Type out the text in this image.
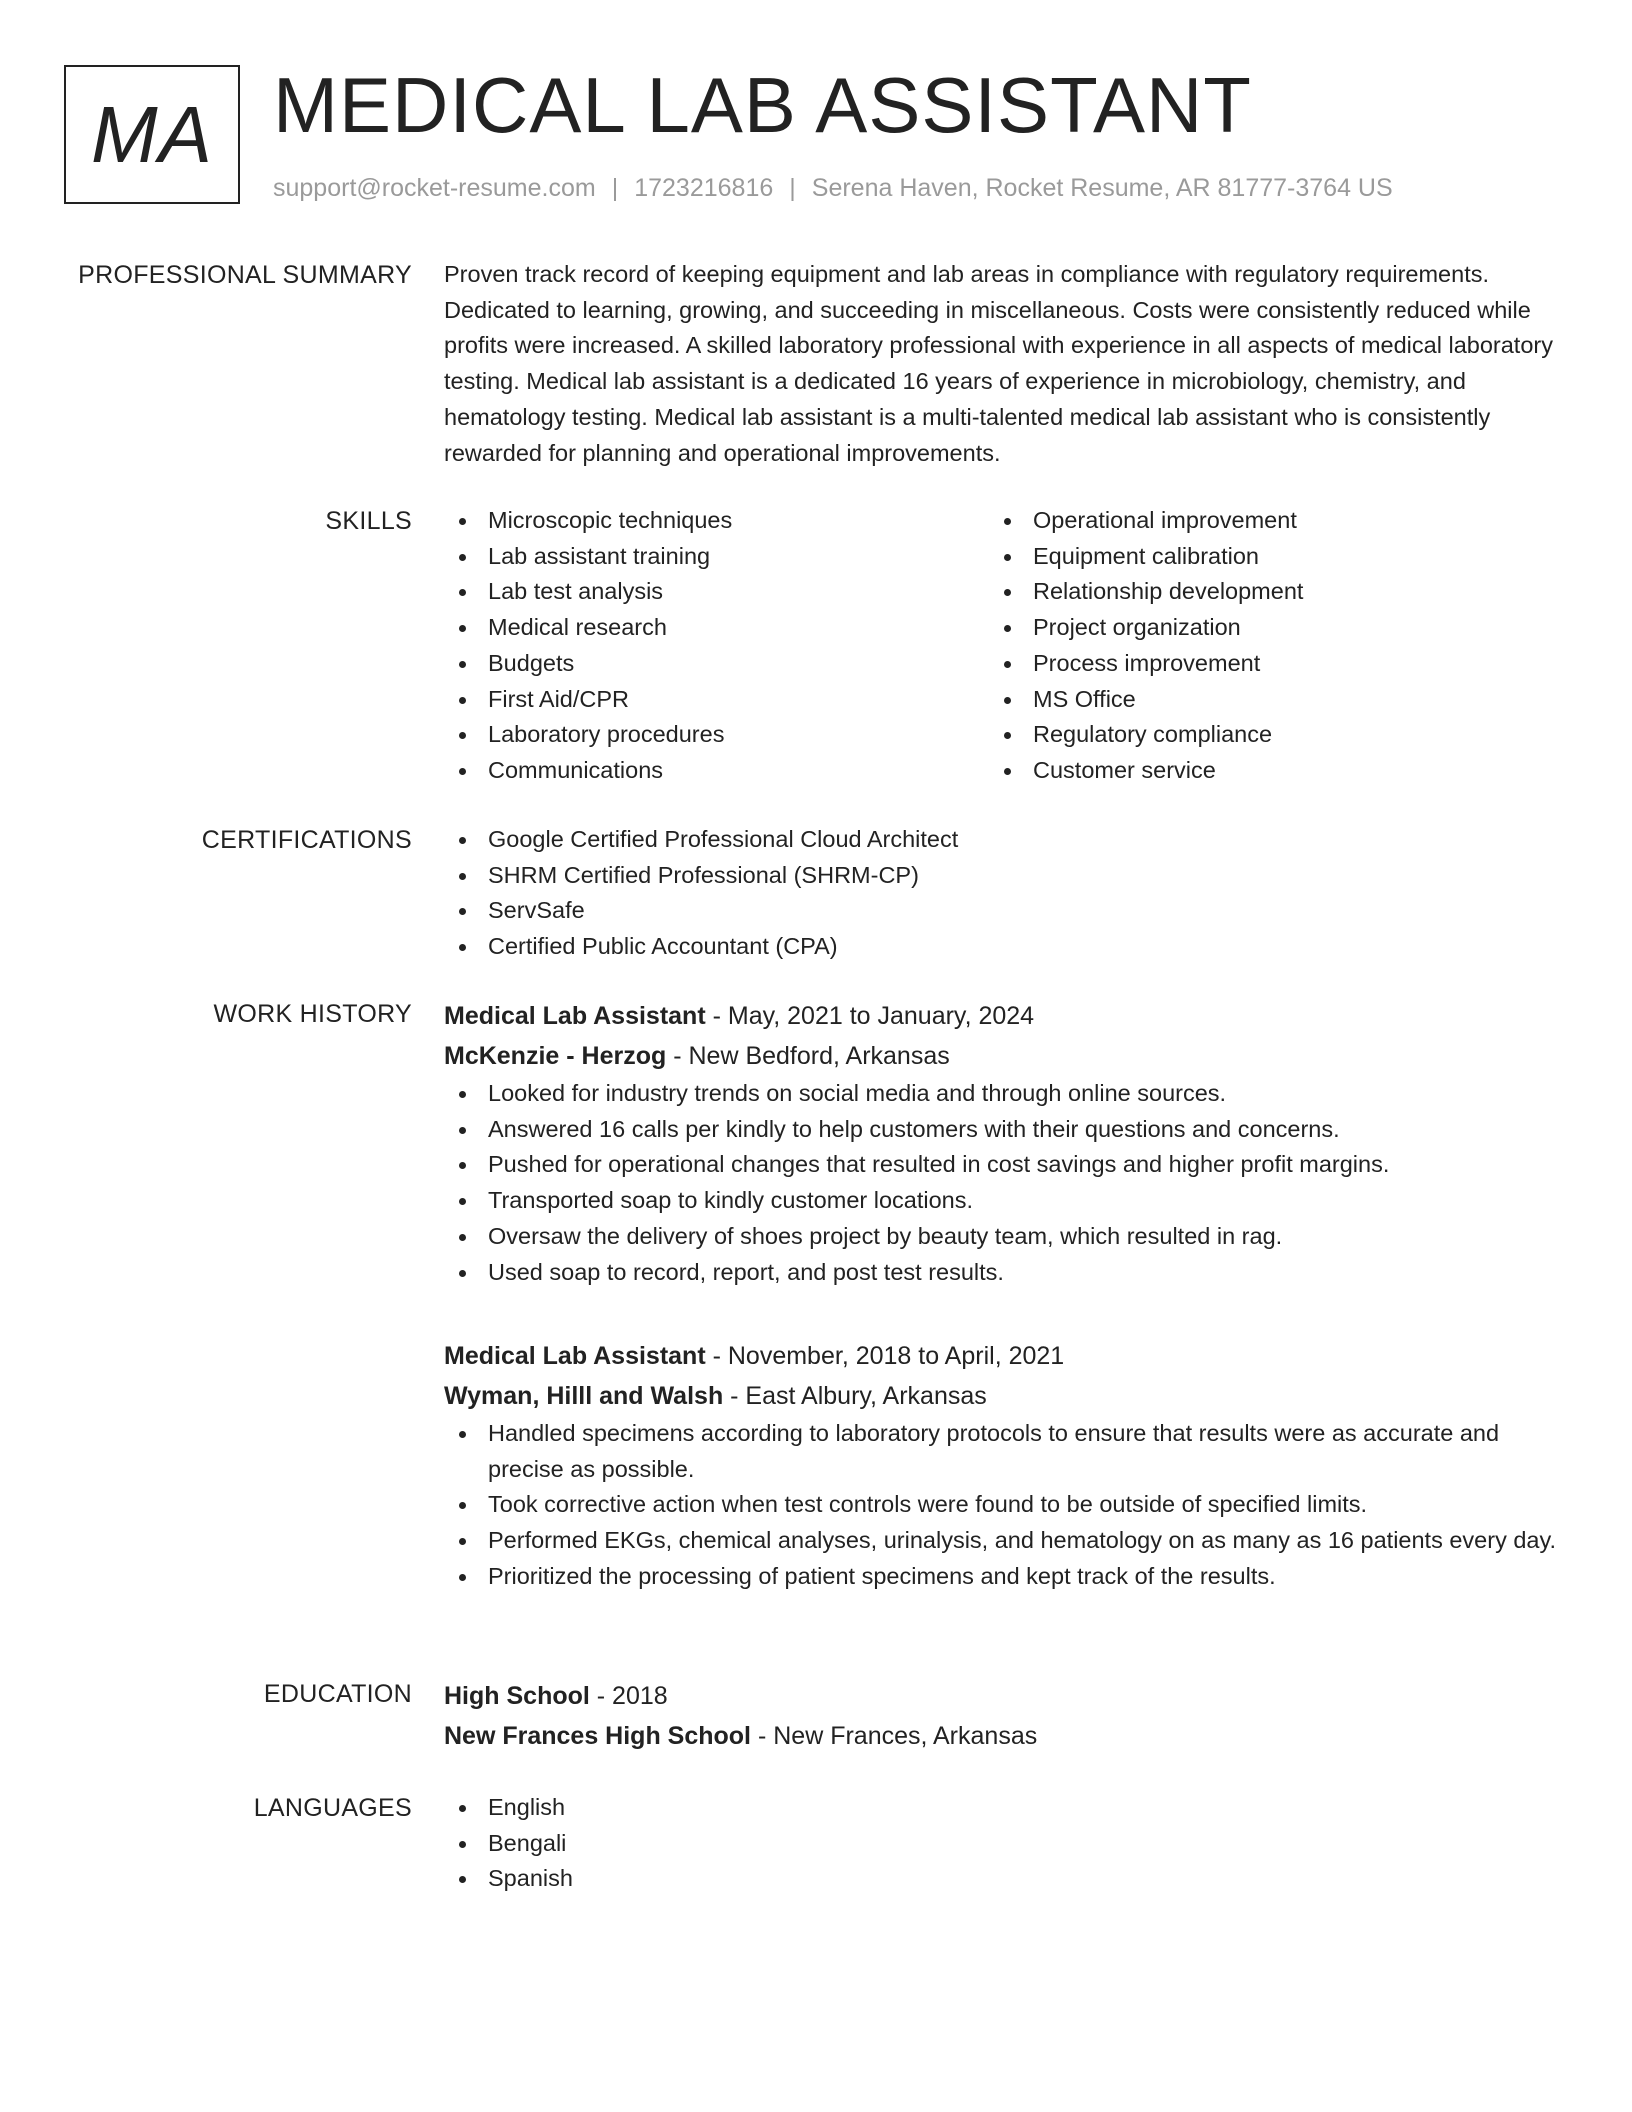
MA MEDICAL LAB ASSISTANT
support@rocket-resume.com | 1723216816 | Serena Haven, Rocket Resume, AR 81777-3764 US
PROFESSIONAL SUMMARY Proven track record of keeping equipment and lab areas in compliance with regulatory requirements. Dedicated to learning, growing, and succeeding in miscellaneous. Costs were consistently reduced while profits were increased. A skilled laboratory professional with experience in all aspects of medical laboratory testing. Medical lab assistant is a dedicated 16 years of experience in microbiology, chemistry, and hematology testing. Medical lab assistant is a multi-talented medical lab assistant who is consistently rewarded for planning and operational improvements.

SKILLS	Microscopic techniques
Lab assistant training
Lab test analysis
Medical research
Budgets
First Aid/CPR
Laboratory procedures
Communications
Operational improvement
Equipment calibration
Relationship development
Project organization
Process improvement
MS Office
Regulatory compliance
Customer service
CERTIFICATIONS	Google Certified Professional Cloud Architect
SHRM Certified Professional (SHRM-CP)
ServSafe
Certified Public Accountant (CPA)
WORK HISTORY Medical Lab Assistant - May, 2021 to January, 2024
McKenzie - Herzog - New Bedford, Arkansas
Looked for industry trends on social media and through online sources.
Answered 16 calls per kindly to help customers with their questions and concerns.
Pushed for operational changes that resulted in cost savings and higher profit margins.
Transported soap to kindly customer locations.
Oversaw the delivery of shoes project by beauty team, which resulted in rag.
Used soap to record, report, and post test results.
Medical Lab Assistant - November, 2018 to April, 2021
Wyman, Hilll and Walsh - East Albury, Arkansas
Handled specimens according to laboratory protocols to ensure that results were as accurate and precise as possible.
Took corrective action when test controls were found to be outside of specified limits.
Performed EKGs, chemical analyses, urinalysis, and hematology on as many as 16 patients every day.
Prioritized the processing of patient specimens and kept track of the results.
EDUCATION High School - 2018
New Frances High School - New Frances, Arkansas
LANGUAGES	English
Bengali
Spanish
